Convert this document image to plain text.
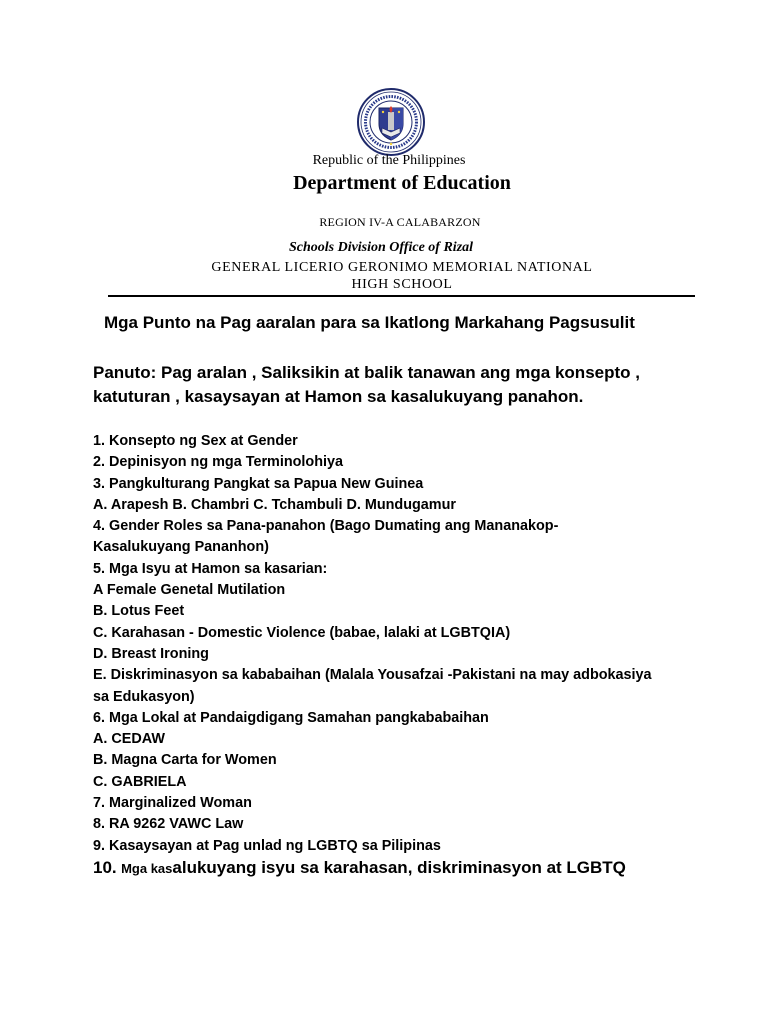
Republic of the Philippines
Department of Education
REGION IV-A CALABARZON
Schools Division Office of Rizal
GENERAL LICERIO GERONIMO MEMORIAL NATIONAL
HIGH SCHOOL
Mga Punto na Pag aaralan para sa Ikatlong Markahang Pagsusulit
Panuto: Pag aralan , Saliksikin at balik tanawan ang mga konsepto , katuturan , kasaysayan at Hamon sa kasalukuyang panahon.
1. Konsepto ng Sex at Gender
2. Depinisyon ng mga Terminolohiya
3. Pangkulturang Pangkat sa Papua New Guinea
A. Arapesh B. Chambri C. Tchambuli D. Mundugamur
4. Gender Roles sa Pana-panahon (Bago Dumating ang Mananakop-Kasalukuyang Pananhon)
5. Mga Isyu at Hamon sa kasarian:
A Female Genetal Mutilation
B. Lotus Feet
C. Karahasan - Domestic Violence (babae, lalaki at LGBTQIA)
D. Breast Ironing
E. Diskriminasyon sa kababaihan (Malala Yousafzai -Pakistani na may adbokasiya sa Edukasyon)
6. Mga Lokal at Pandaigdigang Samahan pangkababaihan
A. CEDAW
B. Magna Carta for Women
C. GABRIELA
7. Marginalized Woman
8. RA 9262 VAWC Law
9. Kasaysayan at Pag unlad ng LGBTQ sa Pilipinas
10. Mga kasalukuyang isyu sa karahasan, diskriminasyon at LGBTQ
